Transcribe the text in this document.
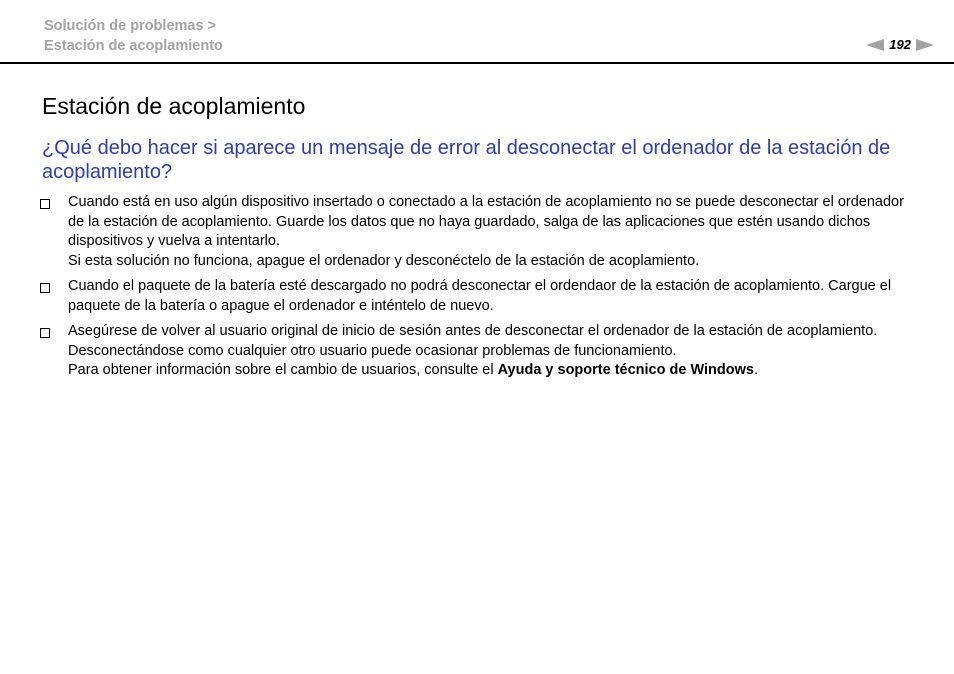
Solución de problemas >
Estación de acoplamiento	192
Estación de acoplamiento
¿Qué debo hacer si aparece un mensaje de error al desconectar el ordenador de la estación de acoplamiento?

Cuando está en uso algún dispositivo insertado o conectado a la estación de acoplamiento no se puede desconectar el ordenador de la estación de acoplamiento. Guarde los datos que no haya guardado, salga de las aplicaciones que estén usando dichos dispositivos y vuelva a intentarlo.

Si esta solución no funciona, apague el ordenador y desconéctelo de la estación de acoplamiento.

Cuando el paquete de la batería esté descargado no podrá desconectar el ordendaor de la estación de acoplamiento. Cargue el paquete de la batería o apague el ordenador e inténtelo de nuevo.

Asegúrese de volver al usuario original de inicio de sesión antes de desconectar el ordenador de la estación de acoplamiento. Desconectándose como cualquier otro usuario puede ocasionar problemas de funcionamiento.

Para obtener información sobre el cambio de usuarios, consulte el Ayuda y soporte técnico de Windows.
